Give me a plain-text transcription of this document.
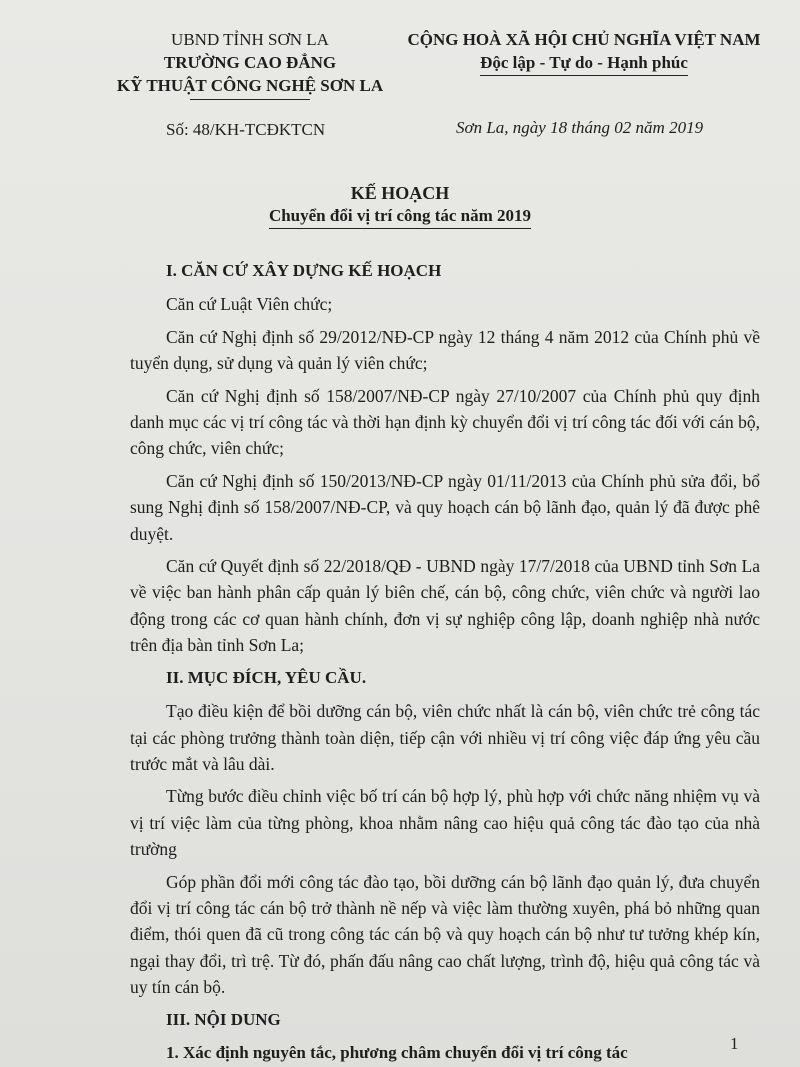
UBND TỈNH SƠN LA
TRƯỜNG CAO ĐẲNG
KỸ THUẬT CÔNG NGHỆ SƠN LA
CỘNG HOÀ XÃ HỘI CHỦ NGHĨA VIỆT NAM
Độc lập - Tự do - Hạnh phúc
Số: 48/KH-TCĐKTCN	Sơn La, ngày 18 tháng 02 năm 2019
KẾ HOẠCH
Chuyển đổi vị trí công tác năm 2019
I. CĂN CỨ XÂY DỰNG KẾ HOẠCH

Căn cứ Luật Viên chức;

Căn cứ Nghị định số 29/2012/NĐ-CP ngày 12 tháng 4 năm 2012 của Chính phủ về tuyển dụng, sử dụng và quản lý viên chức;

Căn cứ Nghị định số 158/2007/NĐ-CP ngày 27/10/2007 của Chính phủ quy định danh mục các vị trí công tác và thời hạn định kỳ chuyển đổi vị trí công tác đối với cán bộ, công chức, viên chức;

Căn cứ Nghị định số 150/2013/NĐ-CP ngày 01/11/2013 của Chính phủ sửa đổi, bổ sung Nghị định số 158/2007/NĐ-CP, và quy hoạch cán bộ lãnh đạo, quản lý đã được phê duyệt.

Căn cứ Quyết định số 22/2018/QĐ - UBND ngày 17/7/2018 của UBND tỉnh Sơn La về việc ban hành phân cấp quản lý biên chế, cán bộ, công chức, viên chức và người lao động trong các cơ quan hành chính, đơn vị sự nghiệp công lập, doanh nghiệp nhà nước trên địa bàn tỉnh Sơn La;

II. MỤC ĐÍCH, YÊU CẦU.

Tạo điều kiện để bồi dưỡng cán bộ, viên chức nhất là cán bộ, viên chức trẻ công tác tại các phòng trưởng thành toàn diện, tiếp cận với nhiều vị trí công việc đáp ứng yêu cầu trước mắt và lâu dài.

Từng bước điều chỉnh việc bố trí cán bộ hợp lý, phù hợp với chức năng nhiệm vụ và vị trí việc làm của từng phòng, khoa nhằm nâng cao hiệu quả công tác đào tạo của nhà trường

Góp phần đổi mới công tác đào tạo, bồi dưỡng cán bộ lãnh đạo quản lý, đưa chuyển đổi vị trí công tác cán bộ trở thành nề nếp và việc làm thường xuyên, phá bỏ những quan điểm, thói quen đã cũ trong công tác cán bộ và quy hoạch cán bộ như tư tưởng khép kín, ngại thay đổi, trì trệ. Từ đó, phấn đấu nâng cao chất lượng, trình độ, hiệu quả công tác và uy tín cán bộ.

III. NỘI DUNG
1. Xác định nguyên tắc, phương châm chuyển đổi vị trí công tác	1
